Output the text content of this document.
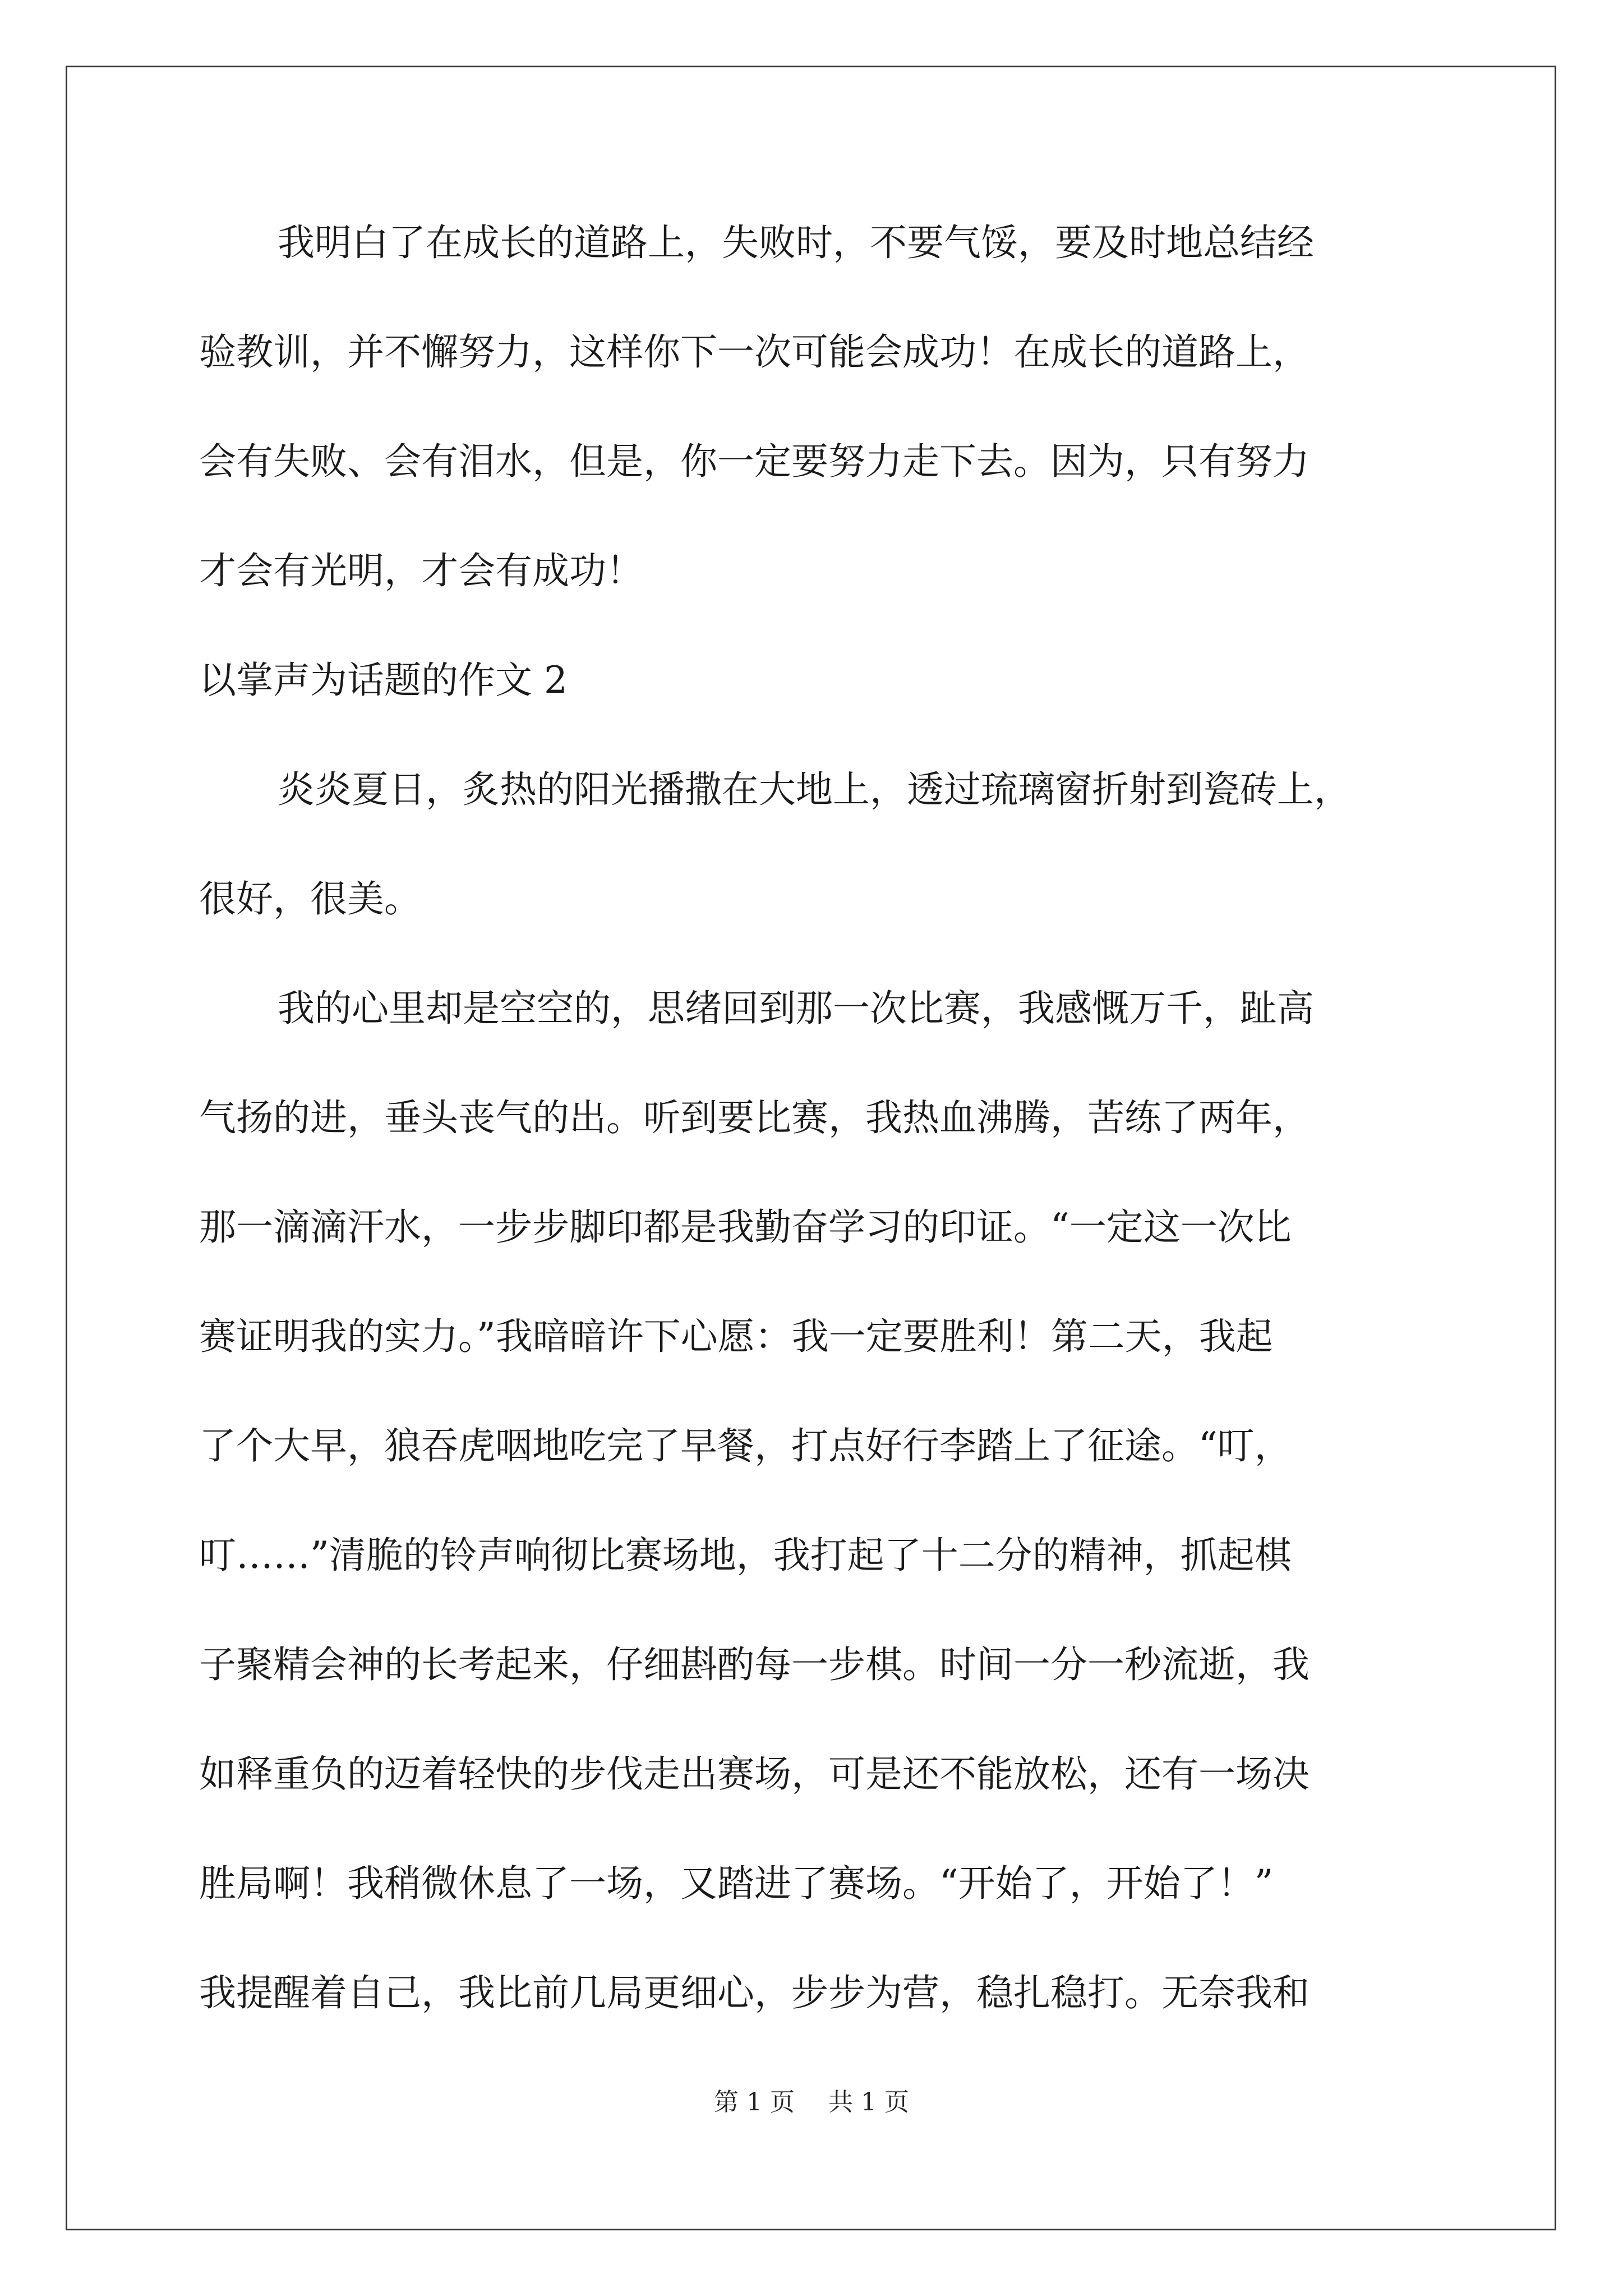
我明白了在成长的道路上，失败时，不要气馁，要及时地总结经
验教训，并不懈努力，这样你下一次可能会成功！在成长的道路上，
会有失败、会有泪水，但是，你一定要努力走下去。因为，只有努力
才会有光明，才会有成功！
以掌声为话题的作文 2
炎炎夏日，炙热的阳光播撒在大地上，透过琉璃窗折射到瓷砖上，
很好，很美。
我的心里却是空空的，思绪回到那一次比赛，我感慨万千，趾高
气扬的进，垂头丧气的出。听到要比赛，我热血沸腾，苦练了两年，
那一滴滴汗水，一步步脚印都是我勤奋学习的印证。“一定这一次比
赛证明我的实力。”我暗暗许下心愿：我一定要胜利！第二天，我起
了个大早，狼吞虎咽地吃完了早餐，打点好行李踏上了征途。“叮，
叮……”清脆的铃声响彻比赛场地，我打起了十二分的精神，抓起棋
子聚精会神的长考起来，仔细斟酌每一步棋。时间一分一秒流逝，我
如释重负的迈着轻快的步伐走出赛场，可是还不能放松，还有一场决
胜局啊！我稍微休息了一场，又踏进了赛场。“开始了，开始了！”
我提醒着自己，我比前几局更细心，步步为营，稳扎稳打。无奈我和
第 1 页 共 1 页
